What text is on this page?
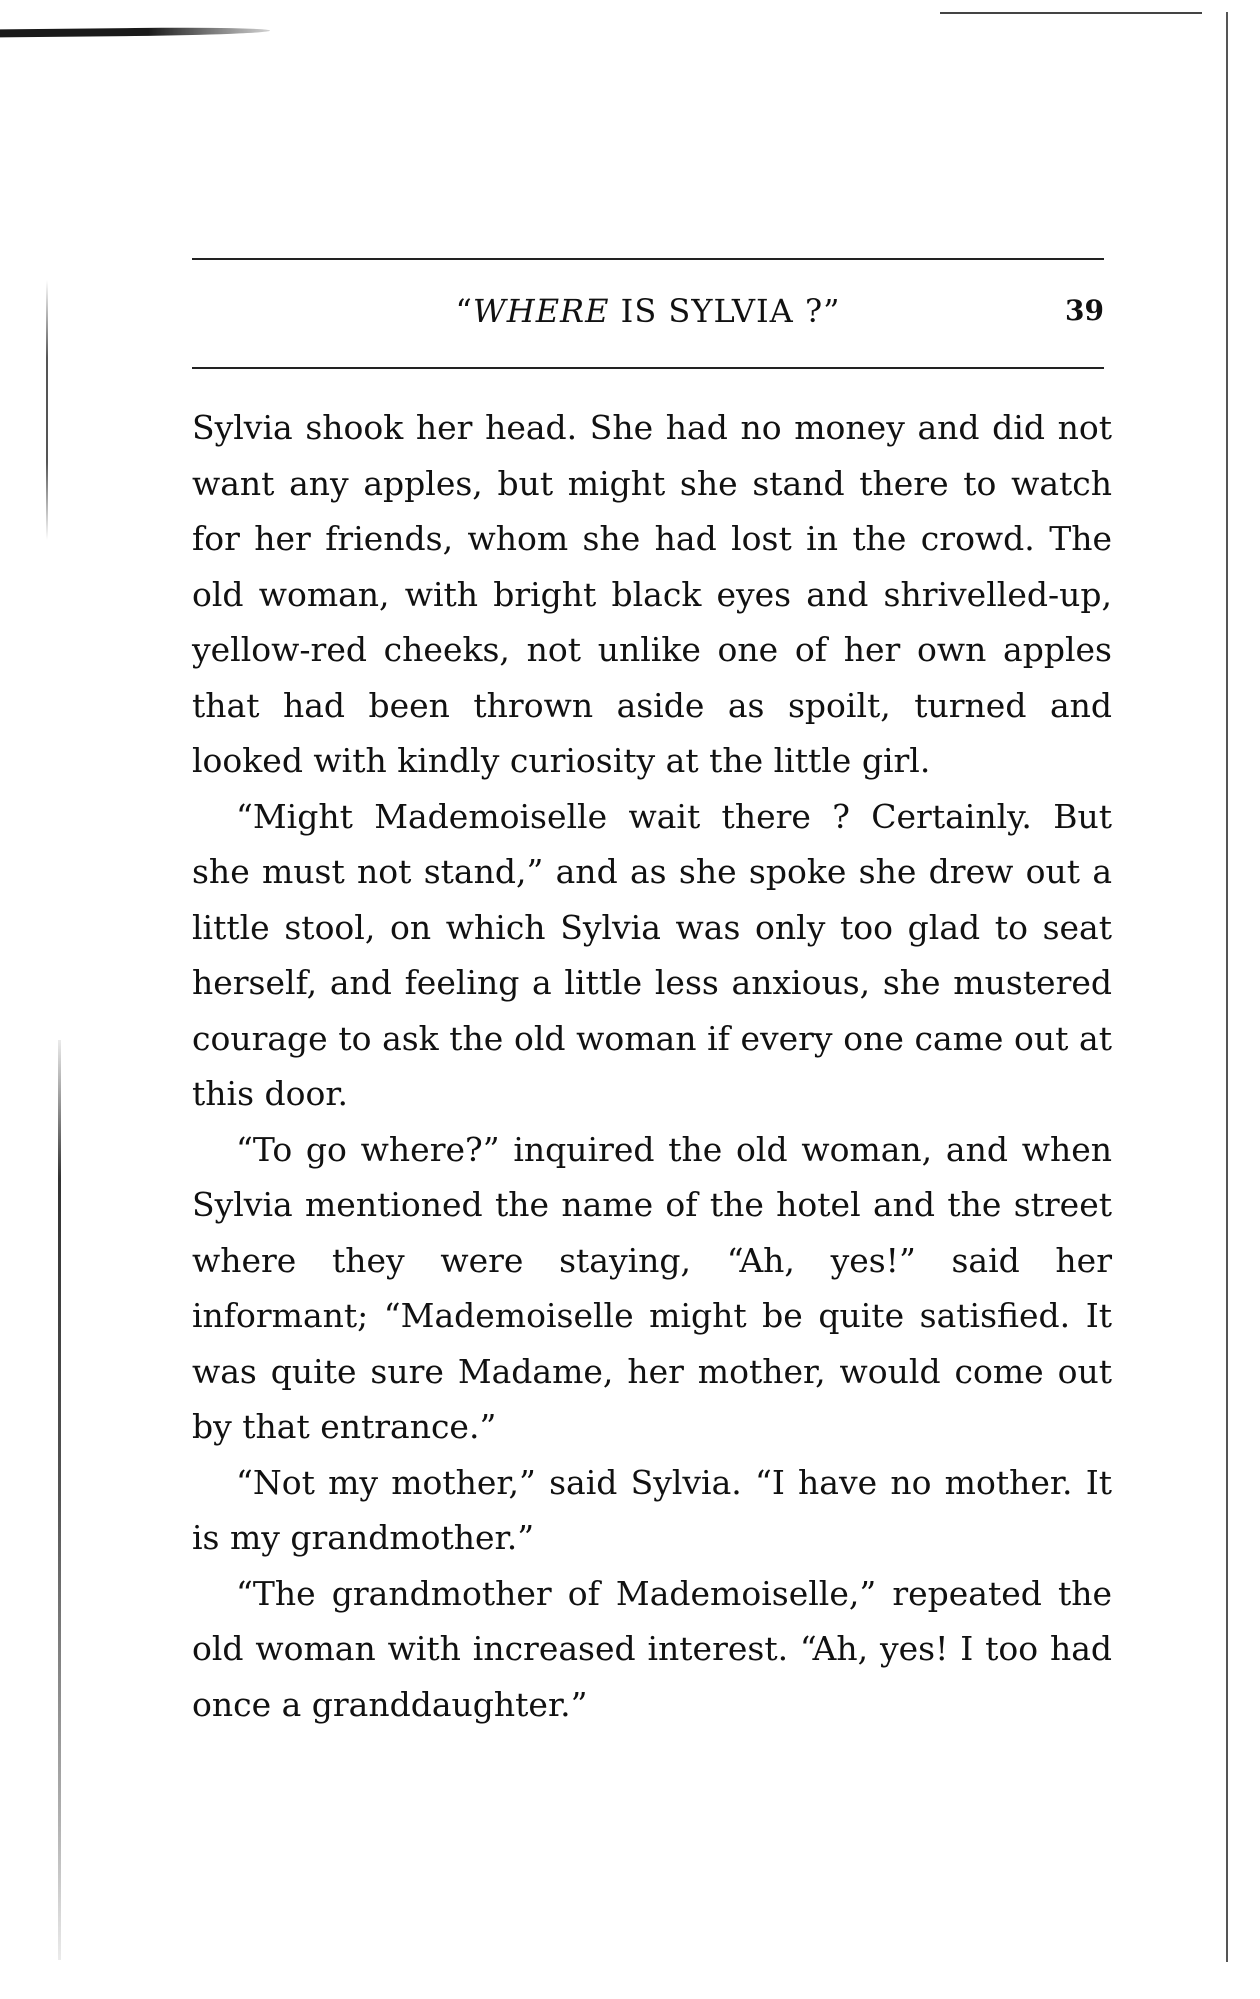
“WHERE IS SYLVIA ?”	39

Sylvia shook her head. She had no money and did not want any apples, but might she stand there to watch for her friends, whom she had lost in the crowd. The old woman, with bright black eyes and shrivelled-up, yellow-red cheeks, not unlike one of her own apples that had been thrown aside as spoilt, turned and looked with kindly curiosity at the little girl.

“Might Mademoiselle wait there ? Certainly. But she must not stand,” and as she spoke she drew out a little stool, on which Sylvia was only too glad to seat herself, and feeling a little less anxious, she mustered courage to ask the old woman if every one came out at this door.

“To go where?” inquired the old woman, and when Sylvia mentioned the name of the hotel and the street where they were staying, “Ah, yes!” said her informant; “Mademoiselle might be quite satisfied. It was quite sure Madame, her mother, would come out by that entrance.”

“Not my mother,” said Sylvia. “I have no mother. It is my grandmother.”

“The grandmother of Mademoiselle,” repeated the old woman with increased interest. “Ah, yes! I too had once a granddaughter.”
